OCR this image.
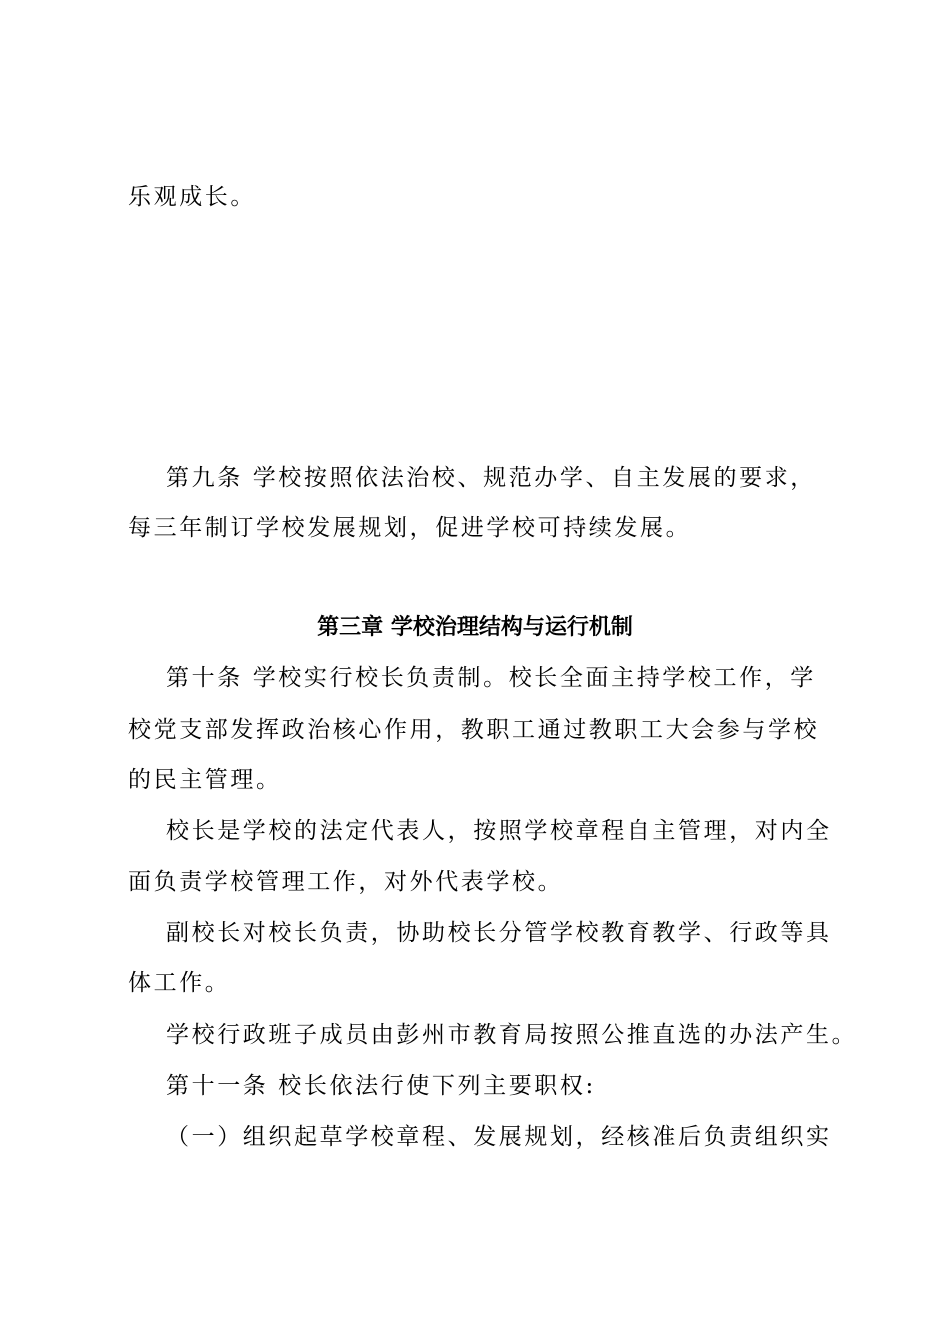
乐观成长。
第九条 学校按照依法治校、规范办学、自主发展的要求，
每三年制订学校发展规划，促进学校可持续发展。
第三章 学校治理结构与运行机制
第十条 学校实行校长负责制。校长全面主持学校工作，学
校党支部发挥政治核心作用，教职工通过教职工大会参与学校
的民主管理。
校长是学校的法定代表人，按照学校章程自主管理，对内全
面负责学校管理工作，对外代表学校。
副校长对校长负责，协助校长分管学校教育教学、行政等具
体工作。
学校行政班子成员由彭州市教育局按照公推直选的办法产生。
第十一条 校长依法行使下列主要职权:
（一）组织起草学校章程、发展规划，经核准后负责组织实
